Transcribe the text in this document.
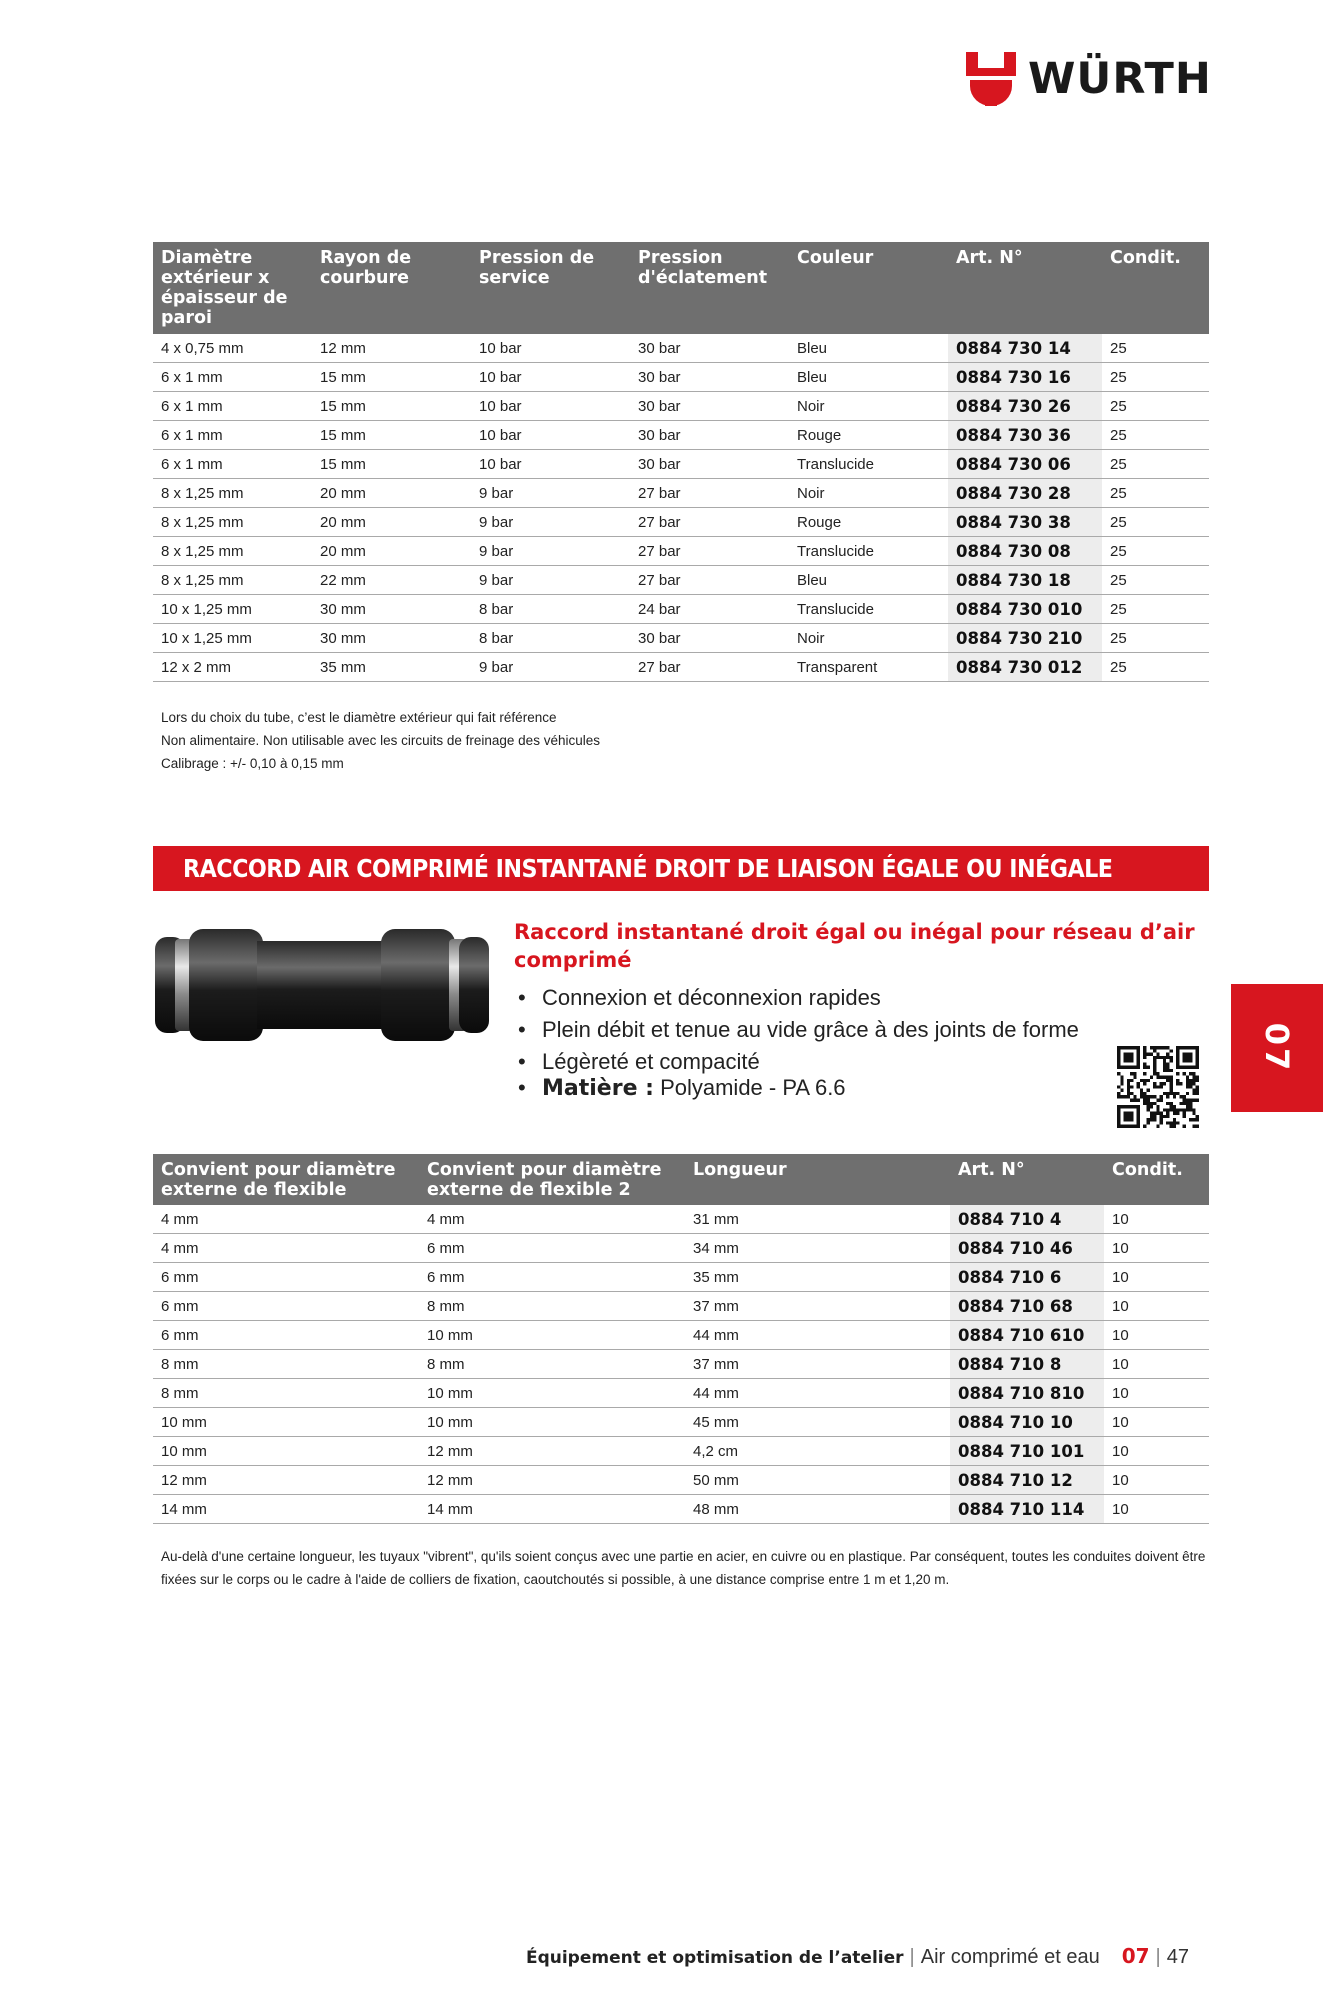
WÜRTH
Diamètre extérieur x épaisseur de paroi	Rayon de courbure	Pression de service	Pression d'éclatement	Couleur	Art. N°	Condit.
4 x 0,75 mm	12 mm	10 bar	30 bar	Bleu	0884 730 14	25
6 x 1 mm	15 mm	10 bar	30 bar	Bleu	0884 730 16	25
6 x 1 mm	15 mm	10 bar	30 bar	Noir	0884 730 26	25
6 x 1 mm	15 mm	10 bar	30 bar	Rouge	0884 730 36	25
6 x 1 mm	15 mm	10 bar	30 bar	Translucide	0884 730 06	25
8 x 1,25 mm	20 mm	9 bar	27 bar	Noir	0884 730 28	25
8 x 1,25 mm	20 mm	9 bar	27 bar	Rouge	0884 730 38	25
8 x 1,25 mm	20 mm	9 bar	27 bar	Translucide	0884 730 08	25
8 x 1,25 mm	22 mm	9 bar	27 bar	Bleu	0884 730 18	25
10 x 1,25 mm	30 mm	8 bar	24 bar	Translucide	0884 730 010	25
10 x 1,25 mm	30 mm	8 bar	30 bar	Noir	0884 730 210	25
12 x 2 mm	35 mm	9 bar	27 bar	Transparent	0884 730 012	25

Lors du choix du tube, c’est le diamètre extérieur qui fait référence

Non alimentaire. Non utilisable avec les circuits de freinage des véhicules

Calibrage : +/- 0,10 à 0,15 mm

RACCORD AIR COMPRIMÉ INSTANTANÉ DROIT DE LIAISON ÉGALE OU INÉGALE
Raccord instantané droit égal ou inégal pour réseau d’air comprimé
• Connexion et déconnexion rapides
• Plein débit et tenue au vide grâce à des joints de forme
• Légèreté et compacité
• Matière : Polyamide - PA 6.6
07
Convient pour diamètre externe de flexible	Convient pour diamètre externe de flexible 2	Longueur	Art. N°	Condit.
4 mm	4 mm	31 mm	0884 710 4	10
4 mm	6 mm	34 mm	0884 710 46	10
6 mm	6 mm	35 mm	0884 710 6	10
6 mm	8 mm	37 mm	0884 710 68	10
6 mm	10 mm	44 mm	0884 710 610	10
8 mm	8 mm	37 mm	0884 710 8	10
8 mm	10 mm	44 mm	0884 710 810	10
10 mm	10 mm	45 mm	0884 710 10	10
10 mm	12 mm	4,2 cm	0884 710 101	10
12 mm	12 mm	50 mm	0884 710 12	10
14 mm	14 mm	48 mm	0884 710 114	10
Au-delà d'une certaine longueur, les tuyaux "vibrent", qu'ils soient conçus avec une partie en acier, en cuivre ou en plastique. Par conséquent, toutes les conduites doivent être fixées sur le corps ou le cadre à l'aide de colliers de fixation, caoutchoutés si possible, à une distance comprise entre 1 m et 1,20 m.
Équipement et optimisation de l’atelier | Air comprimé et eau 07 | 47
